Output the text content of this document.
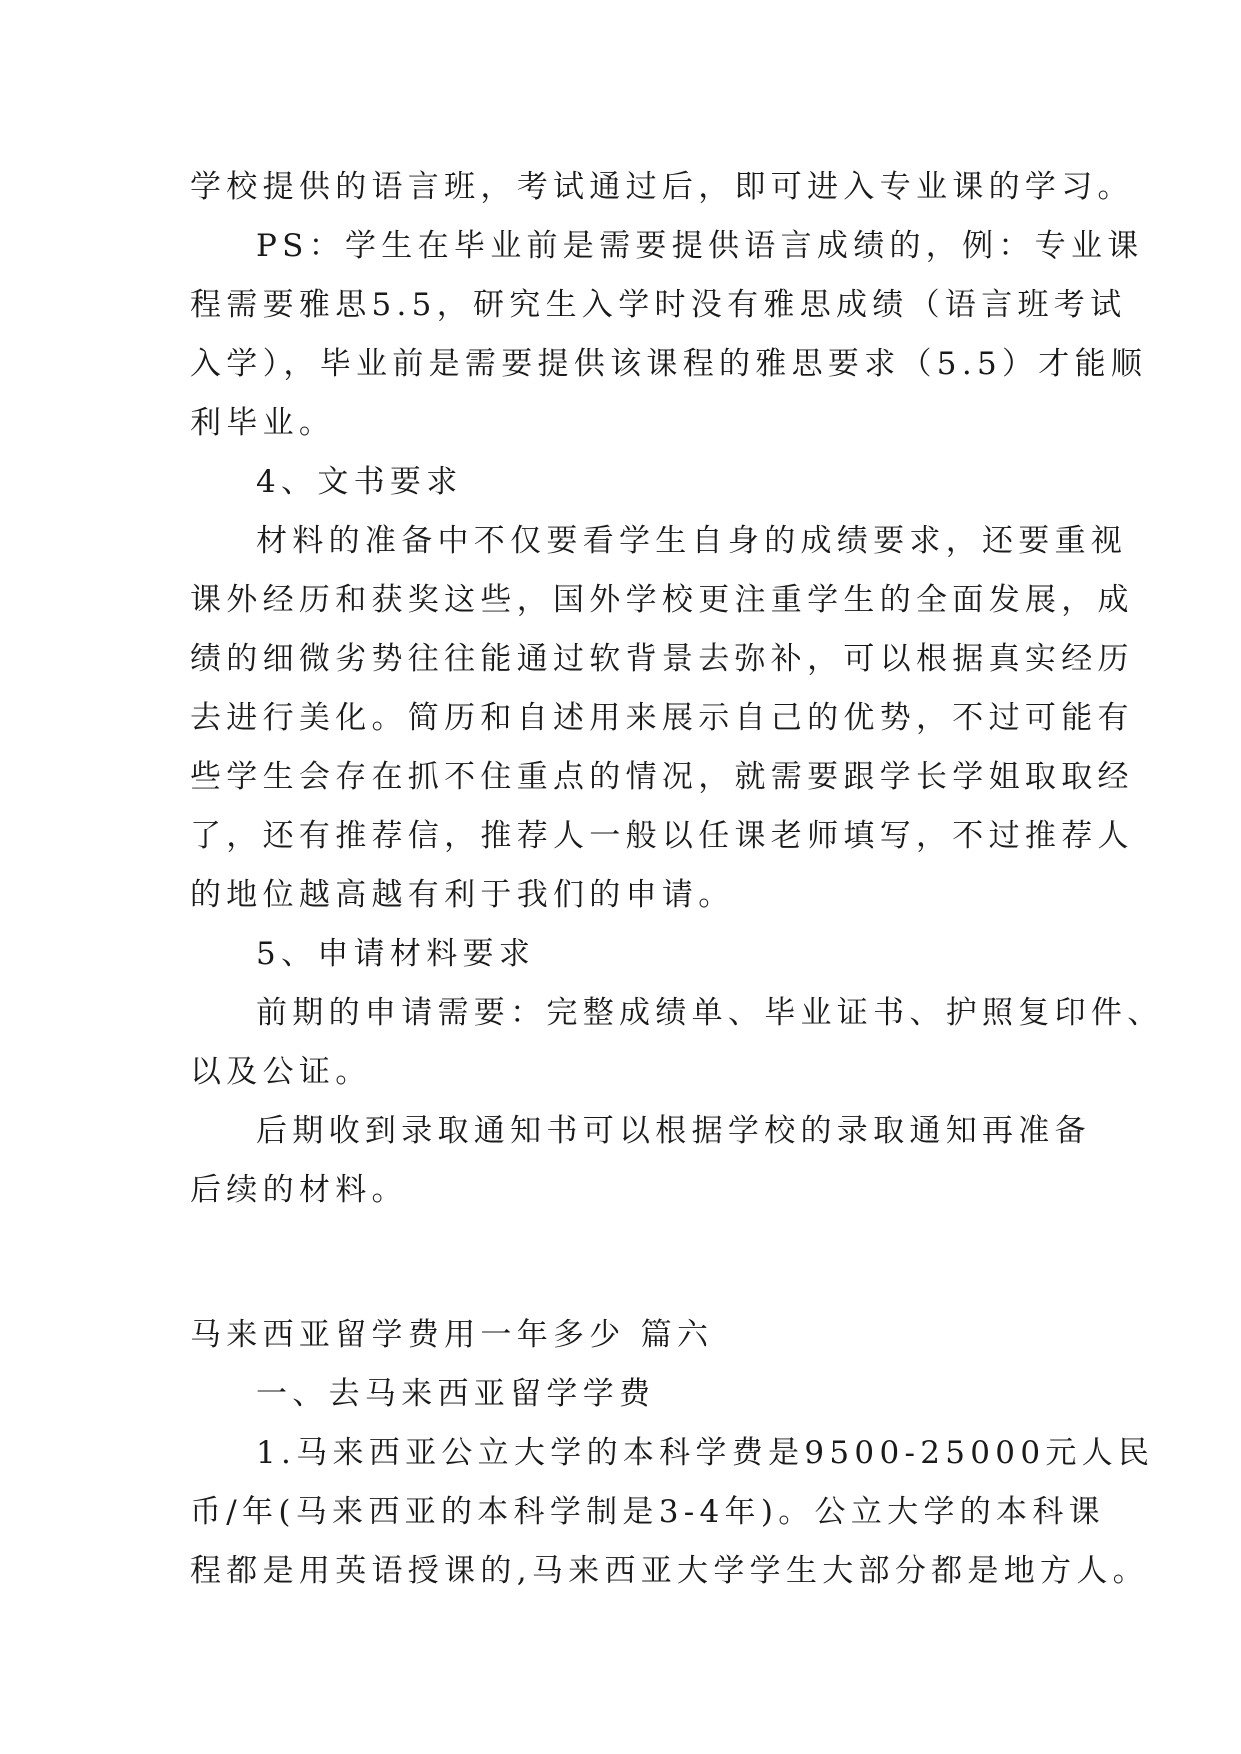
学校提供的语言班，考试通过后，即可进入专业课的学习。
PS：学生在毕业前是需要提供语言成绩的，例：专业课
程需要雅思5.5，研究生入学时没有雅思成绩（语言班考试
入学），毕业前是需要提供该课程的雅思要求（5.5）才能顺
利毕业。
4、文书要求
材料的准备中不仅要看学生自身的成绩要求，还要重视
课外经历和获奖这些，国外学校更注重学生的全面发展，成
绩的细微劣势往往能通过软背景去弥补，可以根据真实经历
去进行美化。简历和自述用来展示自己的优势，不过可能有
些学生会存在抓不住重点的情况，就需要跟学长学姐取取经
了，还有推荐信，推荐人一般以任课老师填写，不过推荐人
的地位越高越有利于我们的申请。
5、申请材料要求
前期的申请需要：完整成绩单、毕业证书、护照复印件、
以及公证。
后期收到录取通知书可以根据学校的录取通知再准备
后续的材料。
马来西亚留学费用一年多少 篇六
一、去马来西亚留学学费
1.马来西亚公立大学的本科学费是9500-25000元人民
币/年(马来西亚的本科学制是3-4年)。公立大学的本科课
程都是用英语授课的,马来西亚大学学生大部分都是地方人。
